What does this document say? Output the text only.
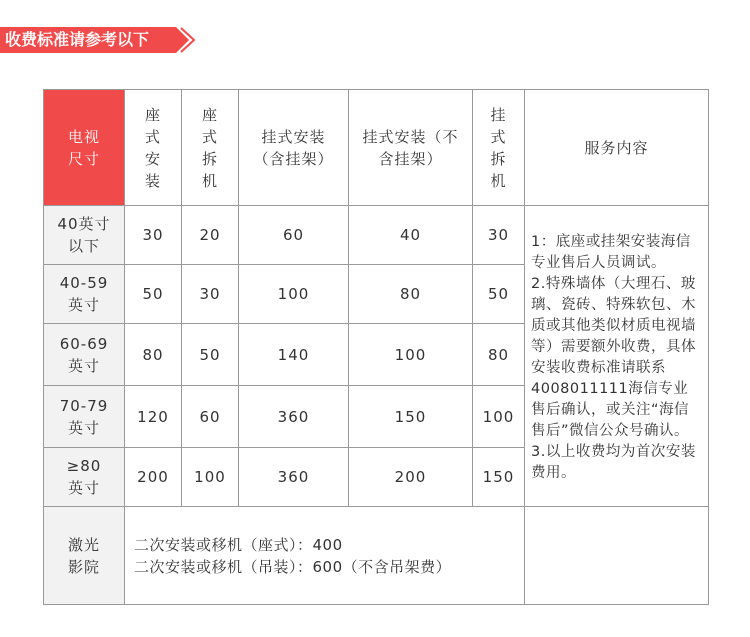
收费标准请参考以下
电视尺寸	座式安装	座式拆机	挂式安装（含挂架）	挂式安装（不含挂架）	挂式拆机	服务内容
40英寸以下	30	20	60	40	30	1：底座或挂架安装海信专业售后人员调试。

2.特殊墙体（大理石、玻璃、瓷砖、特殊软包、木质或其他类似材质电视墙等）需要额外收费，具体安装收费标准请联系4008011111海信专业售后确认，或关注“海信售后”微信公众号确认。

3.以上收费均为首次安装费用。

40-59英寸	50	30	100	80	50	
60-69英寸	80	50	140	100	80	
70-79英寸	120	60	360	150	100	
≥80英寸	200	100	360	200	150	
激光影院	二次安装或移机（座式）：400

二次安装或移机（吊装）：600（不含吊架费）					
